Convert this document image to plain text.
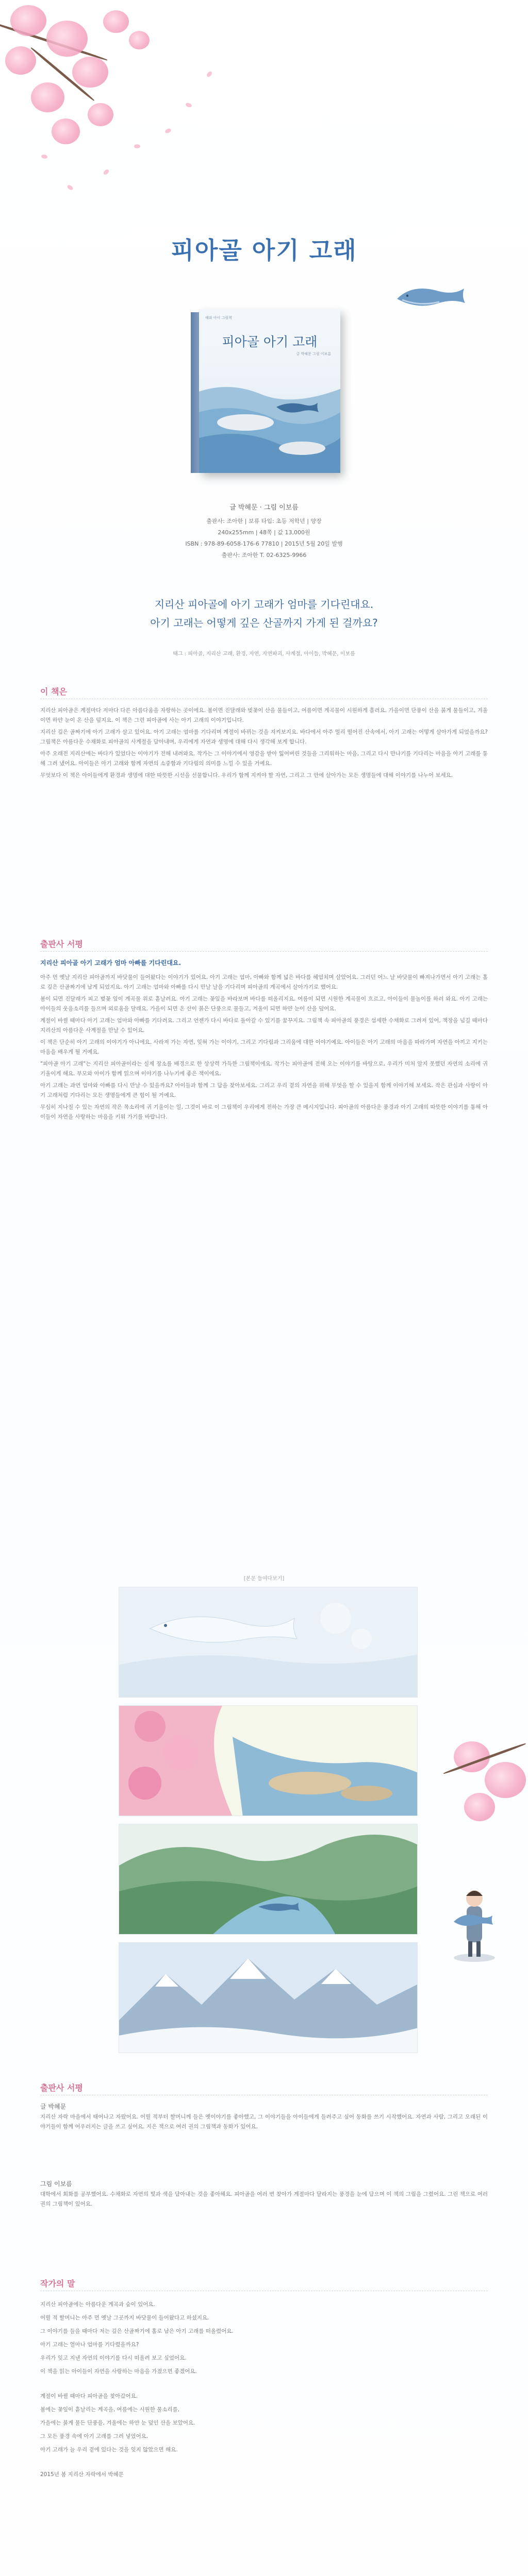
피아골 아기 고래
해와 아이 그림책
피아골 아기 고래
글 박혜문 그림 이보름
글 박혜문 · 그림 이보름
출판사: 조아한 | 보류 타입: 초등 저학년 | 양장
240x255mm | 48쪽 | 값 13,000원
ISBN : 978-89-6058-176-6 77810 | 2015년 5월 20일 발행
출판사: 조아한 T. 02-6325-9966
지리산 피아골에 아기 고래가 엄마를 기다린대요.
아기 고래는 어떻게 깊은 산골까지 가게 된 걸까요?
태그 : 피아골, 지리산 고래, 환경, 자연, 자연파괴, 사계절, 아이들, 박혜문, 이보름
이 책은

지리산 피아골은 계절마다 저마다 다른 아름다움을 자랑하는 곳이에요. 봄이면 진달래와 벚꽃이 산을 물들이고, 여름이면 계곡물이 시원하게 흘러요. 가을이면 단풍이 산을 붉게 물들이고, 겨울이면 하얀 눈이 온 산을 덮지요. 이 책은 그런 피아골에 사는 아기 고래의 이야기입니다.

지리산 깊은 골짜기에 아기 고래가 살고 있어요. 아기 고래는 엄마를 기다리며 계절이 바뀌는 것을 지켜보지요. 바다에서 아주 멀리 떨어진 산속에서, 아기 고래는 어떻게 살아가게 되었을까요? 그림책은 아름다운 수채화로 피아골의 사계절을 담아내며, 우리에게 자연과 생명에 대해 다시 생각해 보게 합니다.

아주 오래전 지리산에는 바다가 있었다는 이야기가 전해 내려와요. 작가는 그 이야기에서 영감을 받아 잃어버린 것들을 그리워하는 마음, 그리고 다시 만나기를 기다리는 마음을 아기 고래를 통해 그려 냈어요. 아이들은 아기 고래와 함께 자연의 소중함과 기다림의 의미를 느낄 수 있을 거예요.

무엇보다 이 책은 아이들에게 환경과 생명에 대한 따뜻한 시선을 선물합니다. 우리가 함께 지켜야 할 자연, 그리고 그 안에 살아가는 모든 생명들에 대해 이야기를 나누어 보세요.

출판사 서평
지리산 피아골 아기 고래가 엄마 아빠를 기다린대요.

아주 먼 옛날 지리산 피아골까지 바닷물이 들어왔다는 이야기가 있어요. 아기 고래는 엄마, 아빠와 함께 넓은 바다를 헤엄치며 살았어요. 그러던 어느 날 바닷물이 빠져나가면서 아기 고래는 홀로 깊은 산골짜기에 남게 되었지요. 아기 고래는 엄마와 아빠를 다시 만날 날을 기다리며 피아골의 계곡에서 살아가기로 했어요.

봄이 되면 진달래가 피고 벚꽃 잎이 계곡물 위로 흩날려요. 아기 고래는 꽃잎을 바라보며 바다를 떠올리지요. 여름이 되면 시원한 계곡물이 흐르고, 아이들이 물놀이를 하러 와요. 아기 고래는 아이들의 웃음소리를 들으며 외로움을 달래요. 가을이 되면 온 산이 붉은 단풍으로 물들고, 겨울이 되면 하얀 눈이 산을 덮어요.

계절이 바뀔 때마다 아기 고래는 엄마와 아빠를 기다려요. 그리고 언젠가 다시 바다로 돌아갈 수 있기를 꿈꾸지요. 그림책 속 피아골의 풍경은 섬세한 수채화로 그려져 있어, 책장을 넘길 때마다 지리산의 아름다운 사계절을 만날 수 있어요.

이 책은 단순히 아기 고래의 이야기가 아니에요. 사라져 가는 자연, 잊혀 가는 이야기, 그리고 기다림과 그리움에 대한 이야기예요. 아이들은 아기 고래의 마음을 따라가며 자연을 아끼고 지키는 마음을 배우게 될 거예요.

"피아골 아기 고래"는 지리산 피아골이라는 실제 장소를 배경으로 한 상상력 가득한 그림책이에요. 작가는 피아골에 전해 오는 이야기를 바탕으로, 우리가 미처 알지 못했던 자연의 소리에 귀 기울이게 해요. 부모와 아이가 함께 읽으며 이야기를 나누기에 좋은 책이에요.

아기 고래는 과연 엄마와 아빠를 다시 만날 수 있을까요? 아이들과 함께 그 답을 찾아보세요. 그리고 우리 곁의 자연을 위해 무엇을 할 수 있을지 함께 이야기해 보세요. 작은 관심과 사랑이 아기 고래처럼 기다리는 모든 생명들에게 큰 힘이 될 거예요.

무심히 지나칠 수 있는 자연의 작은 목소리에 귀 기울이는 일, 그것이 바로 이 그림책이 우리에게 전하는 가장 큰 메시지입니다. 피아골의 아름다운 풍경과 아기 고래의 따뜻한 이야기를 통해 아이들이 자연을 사랑하는 마음을 키워 가기를 바랍니다.

[본문 들여다보기]
출판사 서평
글 박혜문
지리산 자락 마을에서 태어나고 자랐어요. 어릴 적부터 할머니께 들은 옛이야기를 좋아했고, 그 이야기들을 아이들에게 들려주고 싶어 동화를 쓰기 시작했어요. 자연과 사람, 그리고 오래된 이야기들이 함께 어우러지는 글을 쓰고 싶어요. 지은 책으로 여러 권의 그림책과 동화가 있어요.
그림 이보름
대학에서 회화를 공부했어요. 수채화로 자연의 빛과 색을 담아내는 것을 좋아해요. 피아골을 여러 번 찾아가 계절마다 달라지는 풍경을 눈에 담으며 이 책의 그림을 그렸어요. 그린 책으로 여러 권의 그림책이 있어요.
작가의 말

지리산 피아골에는 아름다운 계곡과 숲이 있어요.

어릴 적 할머니는 아주 먼 옛날 그곳까지 바닷물이 들어왔다고 하셨지요.

그 이야기를 들을 때마다 저는 깊은 산골짜기에 홀로 남은 아기 고래를 떠올렸어요.

아기 고래는 얼마나 엄마를 기다렸을까요?

우리가 잊고 지낸 자연의 이야기를 다시 떠올려 보고 싶었어요.

이 책을 읽는 아이들이 자연을 사랑하는 마음을 가졌으면 좋겠어요.

계절이 바뀔 때마다 피아골을 찾아갔어요.

봄에는 꽃잎이 흩날리는 계곡을, 여름에는 시원한 물소리를,

가을에는 붉게 물든 단풍을, 겨울에는 하얀 눈 덮인 산을 보았어요.

그 모든 풍경 속에 아기 고래를 그려 넣었어요.

아기 고래가 늘 우리 곁에 있다는 것을 잊지 않았으면 해요.

2015년 봄 지리산 자락에서 박혜문
